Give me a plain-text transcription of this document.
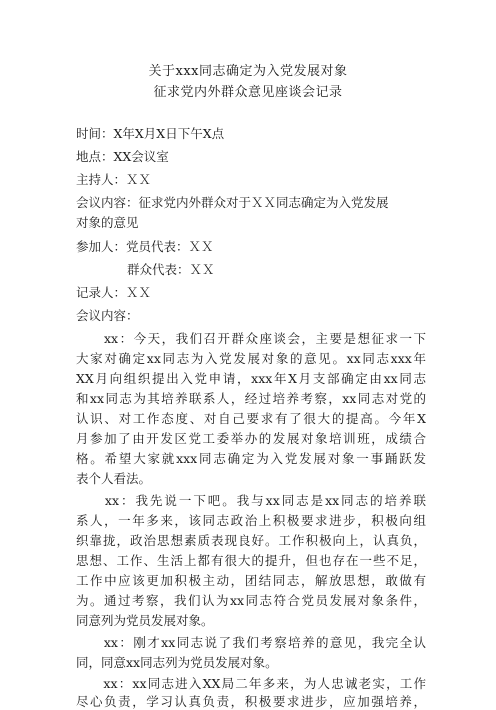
关于xxx同志确定为入党发展对象
征求党内外群众意见座谈会记录
时间：X年X月X日下午X点
地点：XX会议室
主持人：ＸＸ
会议内容：征求党内外群众对于ＸＸ同志确定为入党发展
对象的意见
参加人：党员代表：ＸＸ
群众代表：ＸＸ
记录人：ＸＸ
会议内容：
　　xx：今天，我们召开群众座谈会，主要是想征求一下
大家对确定xx同志为入党发展对象的意见。xx同志xxx年
XX月向组织提出入党申请，xxx年X月支部确定由xx同志
和xx同志为其培养联系人，经过培养考察，xx同志对党的
认识、对工作态度、对自己要求有了很大的提高。今年X
月参加了由开发区党工委举办的发展对象培训班，成绩合
格。希望大家就xxx同志确定为入党发展对象一事踊跃发
表个人看法。
　　xx：我先说一下吧。我与xx同志是xx同志的培养联
系人，一年多来，该同志政治上积极要求进步，积极向组
织靠拢，政治思想素质表现良好。工作积极向上，认真负，
思想、工作、生活上都有很大的提升，但也存在一些不足，
工作中应该更加积极主动，团结同志，解放思想，敢做有
为。通过考察，我们认为xx同志符合党员发展对象条件，
同意列为党员发展对象。
　　xx：刚才xx同志说了我们考察培养的意见，我完全认
同，同意xx同志列为党员发展对象。
　　xx：xx同志进入XX局二年多来，为人忠诚老实，工作
尽心负责，学习认真负责，积极要求进步，应加强培养，
